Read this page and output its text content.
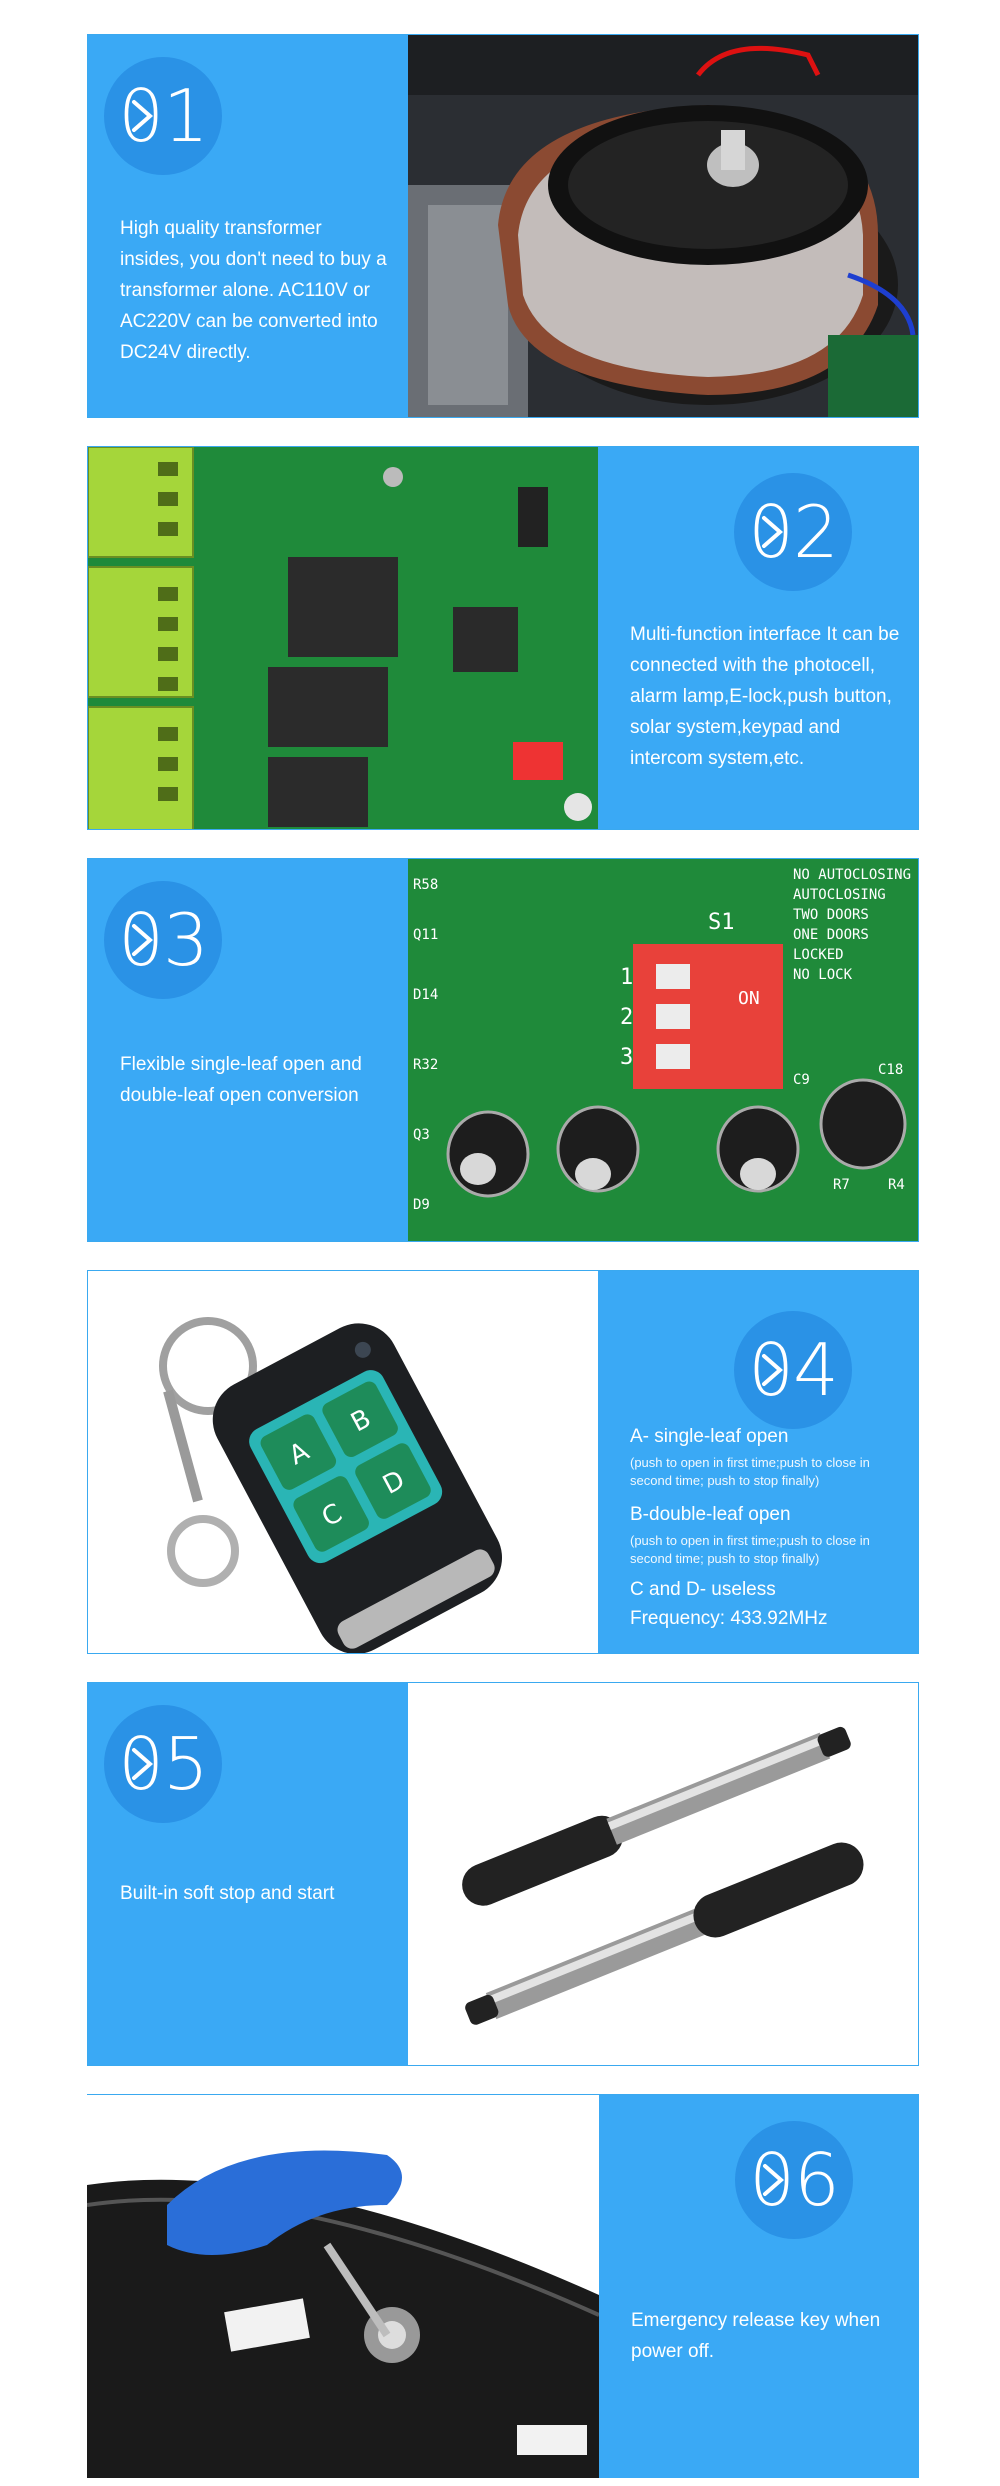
01
High quality transformer insides, you don't need to buy a transformer alone. AC110V or AC220V can be converted into DC24V directly.
02
Multi-function interface It can be connected with the photocell, alarm lamp,E-lock,push button, solar system,keypad and intercom system,etc.
03
Flexible single-leaf open and double-leaf open conversion
1
2
3
ON
S1
NO AUTOCLOSING
AUTOCLOSING
TWO DOORS
ONE DOORS
LOCKED
NO LOCK
R58
Q11
D14
R32
Q3
D9
C9
C18
R7	R4
A
B
C
D
04
A- single-leaf open
(push to open in first time;push to close in second time; push to stop finally)
B-double-leaf open
(push to open in first time;push to close in second time; push to stop finally)
C and D- useless
Frequency: 433.92MHz
05
Built-in soft stop and start
06
Emergency release key when power off.
